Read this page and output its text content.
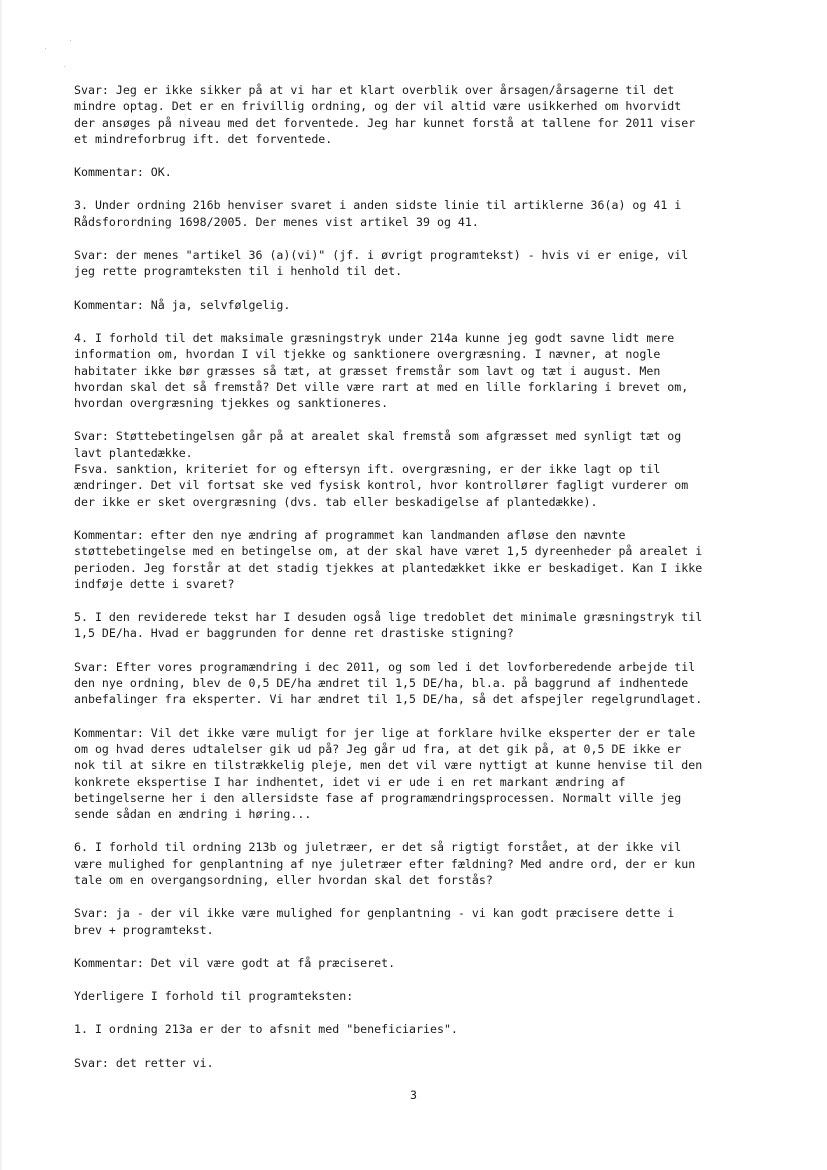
Svar: Jeg er ikke sikker på at vi har et klart overblik over årsagen/årsagerne til det
mindre optag. Det er en frivillig ordning, og der vil altid være usikkerhed om hvorvidt
der ansøges på niveau med det forventede. Jeg har kunnet forstå at tallene for 2011 viser
et mindreforbrug ift. det forventede.

Kommentar: OK.

3. Under ordning 216b henviser svaret i anden sidste linie til artiklerne 36(a) og 41 i
Rådsforordning 1698/2005. Der menes vist artikel 39 og 41.

Svar: der menes "artikel 36 (a)(vi)" (jf. i øvrigt programtekst) - hvis vi er enige, vil
jeg rette programteksten til i henhold til det.

Kommentar: Nå ja, selvfølgelig.

4. I forhold til det maksimale græsningstryk under 214a kunne jeg godt savne lidt mere
information om, hvordan I vil tjekke og sanktionere overgræsning. I nævner, at nogle
habitater ikke bør græsses så tæt, at græsset fremstår som lavt og tæt i august. Men
hvordan skal det så fremstå? Det ville være rart at med en lille forklaring i brevet om,
hvordan overgræsning tjekkes og sanktioneres.

Svar: Støttebetingelsen går på at arealet skal fremstå som afgræsset med synligt tæt og
lavt plantedække.
Fsva. sanktion, kriteriet for og eftersyn ift. overgræsning, er der ikke lagt op til
ændringer. Det vil fortsat ske ved fysisk kontrol, hvor kontrollører fagligt vurderer om
der ikke er sket overgræsning (dvs. tab eller beskadigelse af plantedække).

Kommentar: efter den nye ændring af programmet kan landmanden afløse den nævnte
støttebetingelse med en betingelse om, at der skal have været 1,5 dyreenheder på arealet i
perioden. Jeg forstår at det stadig tjekkes at plantedækket ikke er beskadiget. Kan I ikke
indføje dette i svaret?

5. I den reviderede tekst har I desuden også lige tredoblet det minimale græsningstryk til
1,5 DE/ha. Hvad er baggrunden for denne ret drastiske stigning?

Svar: Efter vores programændring i dec 2011, og som led i det lovforberedende arbejde til
den nye ordning, blev de 0,5 DE/ha ændret til 1,5 DE/ha, bl.a. på baggrund af indhentede
anbefalinger fra eksperter. Vi har ændret til 1,5 DE/ha, så det afspejler regelgrundlaget.

Kommentar: Vil det ikke være muligt for jer lige at forklare hvilke eksperter der er tale
om og hvad deres udtalelser gik ud på? Jeg går ud fra, at det gik på, at 0,5 DE ikke er
nok til at sikre en tilstrækkelig pleje, men det vil være nyttigt at kunne henvise til den
konkrete ekspertise I har indhentet, idet vi er ude i en ret markant ændring af
betingelserne her i den allersidste fase af programændringsprocessen. Normalt ville jeg
sende sådan en ændring i høring...

6. I forhold til ordning 213b og juletræer, er det så rigtigt forstået, at der ikke vil
være mulighed for genplantning af nye juletræer efter fældning? Med andre ord, der er kun
tale om en overgangsordning, eller hvordan skal det forstås?

Svar: ja - der vil ikke være mulighed for genplantning - vi kan godt præcisere dette i
brev + programtekst.

Kommentar: Det vil være godt at få præciseret.

Yderligere I forhold til programteksten:

1. I ordning 213a er der to afsnit med "beneficiaries".

Svar: det retter vi.

3
